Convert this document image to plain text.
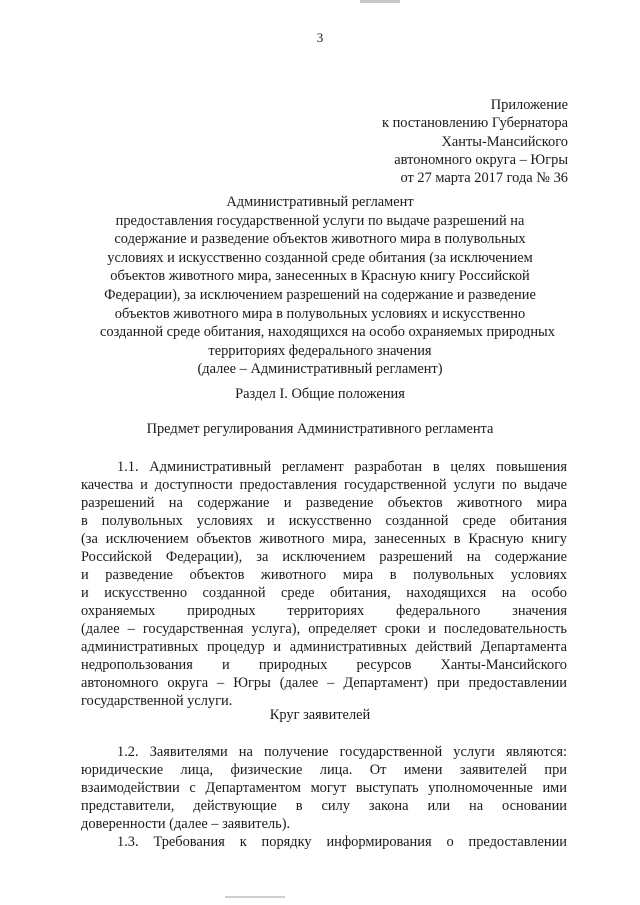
3
Приложение
к постановлению Губернатора
Ханты-Мансийского
автономного округа – Югры
от 27 марта 2017 года № 36
Административный регламент
предоставления государственной услуги по выдаче разрешений на
содержание и разведение объектов животного мира в полувольных
условиях и искусственно созданной среде обитания (за исключением
объектов животного мира, занесенных в Красную книгу Российской
Федерации), за исключением разрешений на содержание и разведение
объектов животного мира в полувольных условиях и искусственно
созданной среде обитания, находящихся на особо охраняемых природных
территориях федерального значения
(далее – Административный регламент)
Раздел I. Общие положения
Предмет регулирования Административного регламента
1.1. Административный регламент разработан в целях повышения
качества и доступности предоставления государственной услуги по выдаче
разрешений на содержание и разведение объектов животного мира
в полувольных условиях и искусственно созданной среде обитания
(за исключением объектов животного мира, занесенных в Красную книгу
Российской Федерации), за исключением разрешений на содержание
и разведение объектов животного мира в полувольных условиях
и искусственно созданной среде обитания, находящихся на особо
охраняемых природных территориях федерального значения
(далее – государственная услуга), определяет сроки и последовательность
административных процедур и административных действий Департамента
недропользования и природных ресурсов Ханты-Мансийского
автономного округа – Югры (далее – Департамент) при предоставлении
государственной услуги.
Круг заявителей
1.2. Заявителями на получение государственной услуги являются:
юридические лица, физические лица. От имени заявителей при
взаимодействии с Департаментом могут выступать уполномоченные ими
представители, действующие в силу закона или на основании
доверенности (далее – заявитель).
1.3. Требования к порядку информирования о предоставлении
